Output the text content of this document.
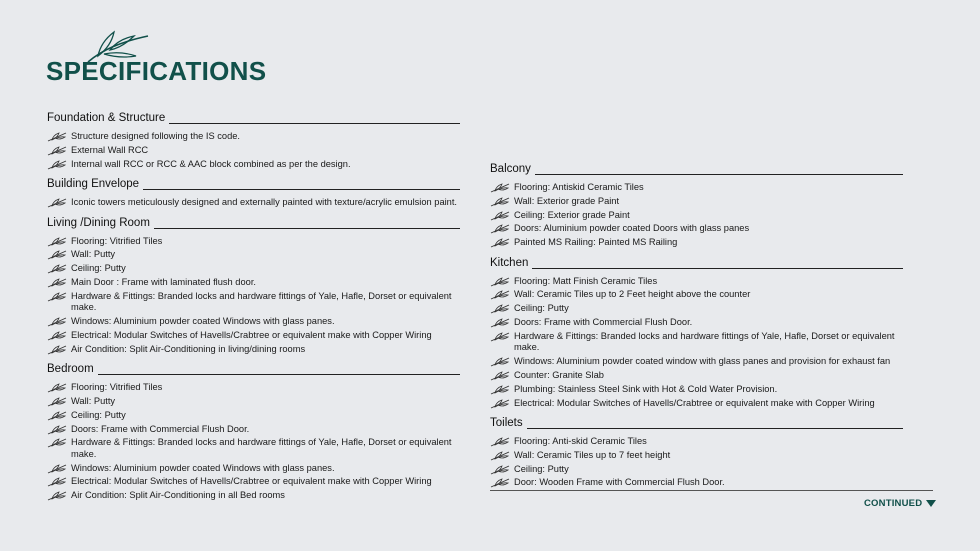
SPECIFICATIONS
Foundation & Structure
Structure designed following the IS code.
External Wall RCC
Internal wall RCC or RCC & AAC block combined as per the design.
Building Envelope
Iconic towers meticulously designed and externally painted with texture/acrylic emulsion paint.
Living /Dining Room
Flooring: Vitrified Tiles
Wall: Putty
Ceiling: Putty
Main Door : Frame with laminated flush door.
Hardware & Fittings: Branded locks and hardware fittings of Yale, Hafle, Dorset or equivalent make.
Windows: Aluminium powder coated Windows with glass panes.
Electrical: Modular Switches of Havells/Crabtree or equivalent make with Copper Wiring
Air Condition: Split Air-Conditioning in living/dining rooms
Bedroom
Flooring: Vitrified Tiles
Wall: Putty
Ceiling: Putty
Doors: Frame with Commercial Flush Door.
Hardware & Fittings: Branded locks and hardware fittings of Yale, Hafle, Dorset or equivalent make.
Windows: Aluminium powder coated Windows with glass panes.
Electrical: Modular Switches of Havells/Crabtree or equivalent make with Copper Wiring
Air Condition: Split Air-Conditioning in all Bed rooms
Balcony
Flooring: Antiskid Ceramic Tiles
Wall: Exterior grade Paint
Ceiling: Exterior grade Paint
Doors: Aluminium powder coated Doors with glass panes
Painted MS Railing: Painted MS Railing
Kitchen
Flooring: Matt Finish Ceramic Tiles
Wall: Ceramic Tiles up to 2 Feet height above the counter
Ceiling: Putty
Doors: Frame with Commercial Flush Door.
Hardware & Fittings: Branded locks and hardware fittings of Yale, Hafle, Dorset or equivalent make.
Windows: Aluminium powder coated window with glass panes and provision for exhaust fan
Counter: Granite Slab
Plumbing: Stainless Steel Sink with Hot & Cold Water Provision.
Electrical: Modular Switches of Havells/Crabtree or equivalent make with Copper Wiring
Toilets
Flooring: Anti-skid Ceramic Tiles
Wall: Ceramic Tiles up to 7 feet height
Ceiling: Putty
Door: Wooden Frame with Commercial Flush Door.
CONTINUED
